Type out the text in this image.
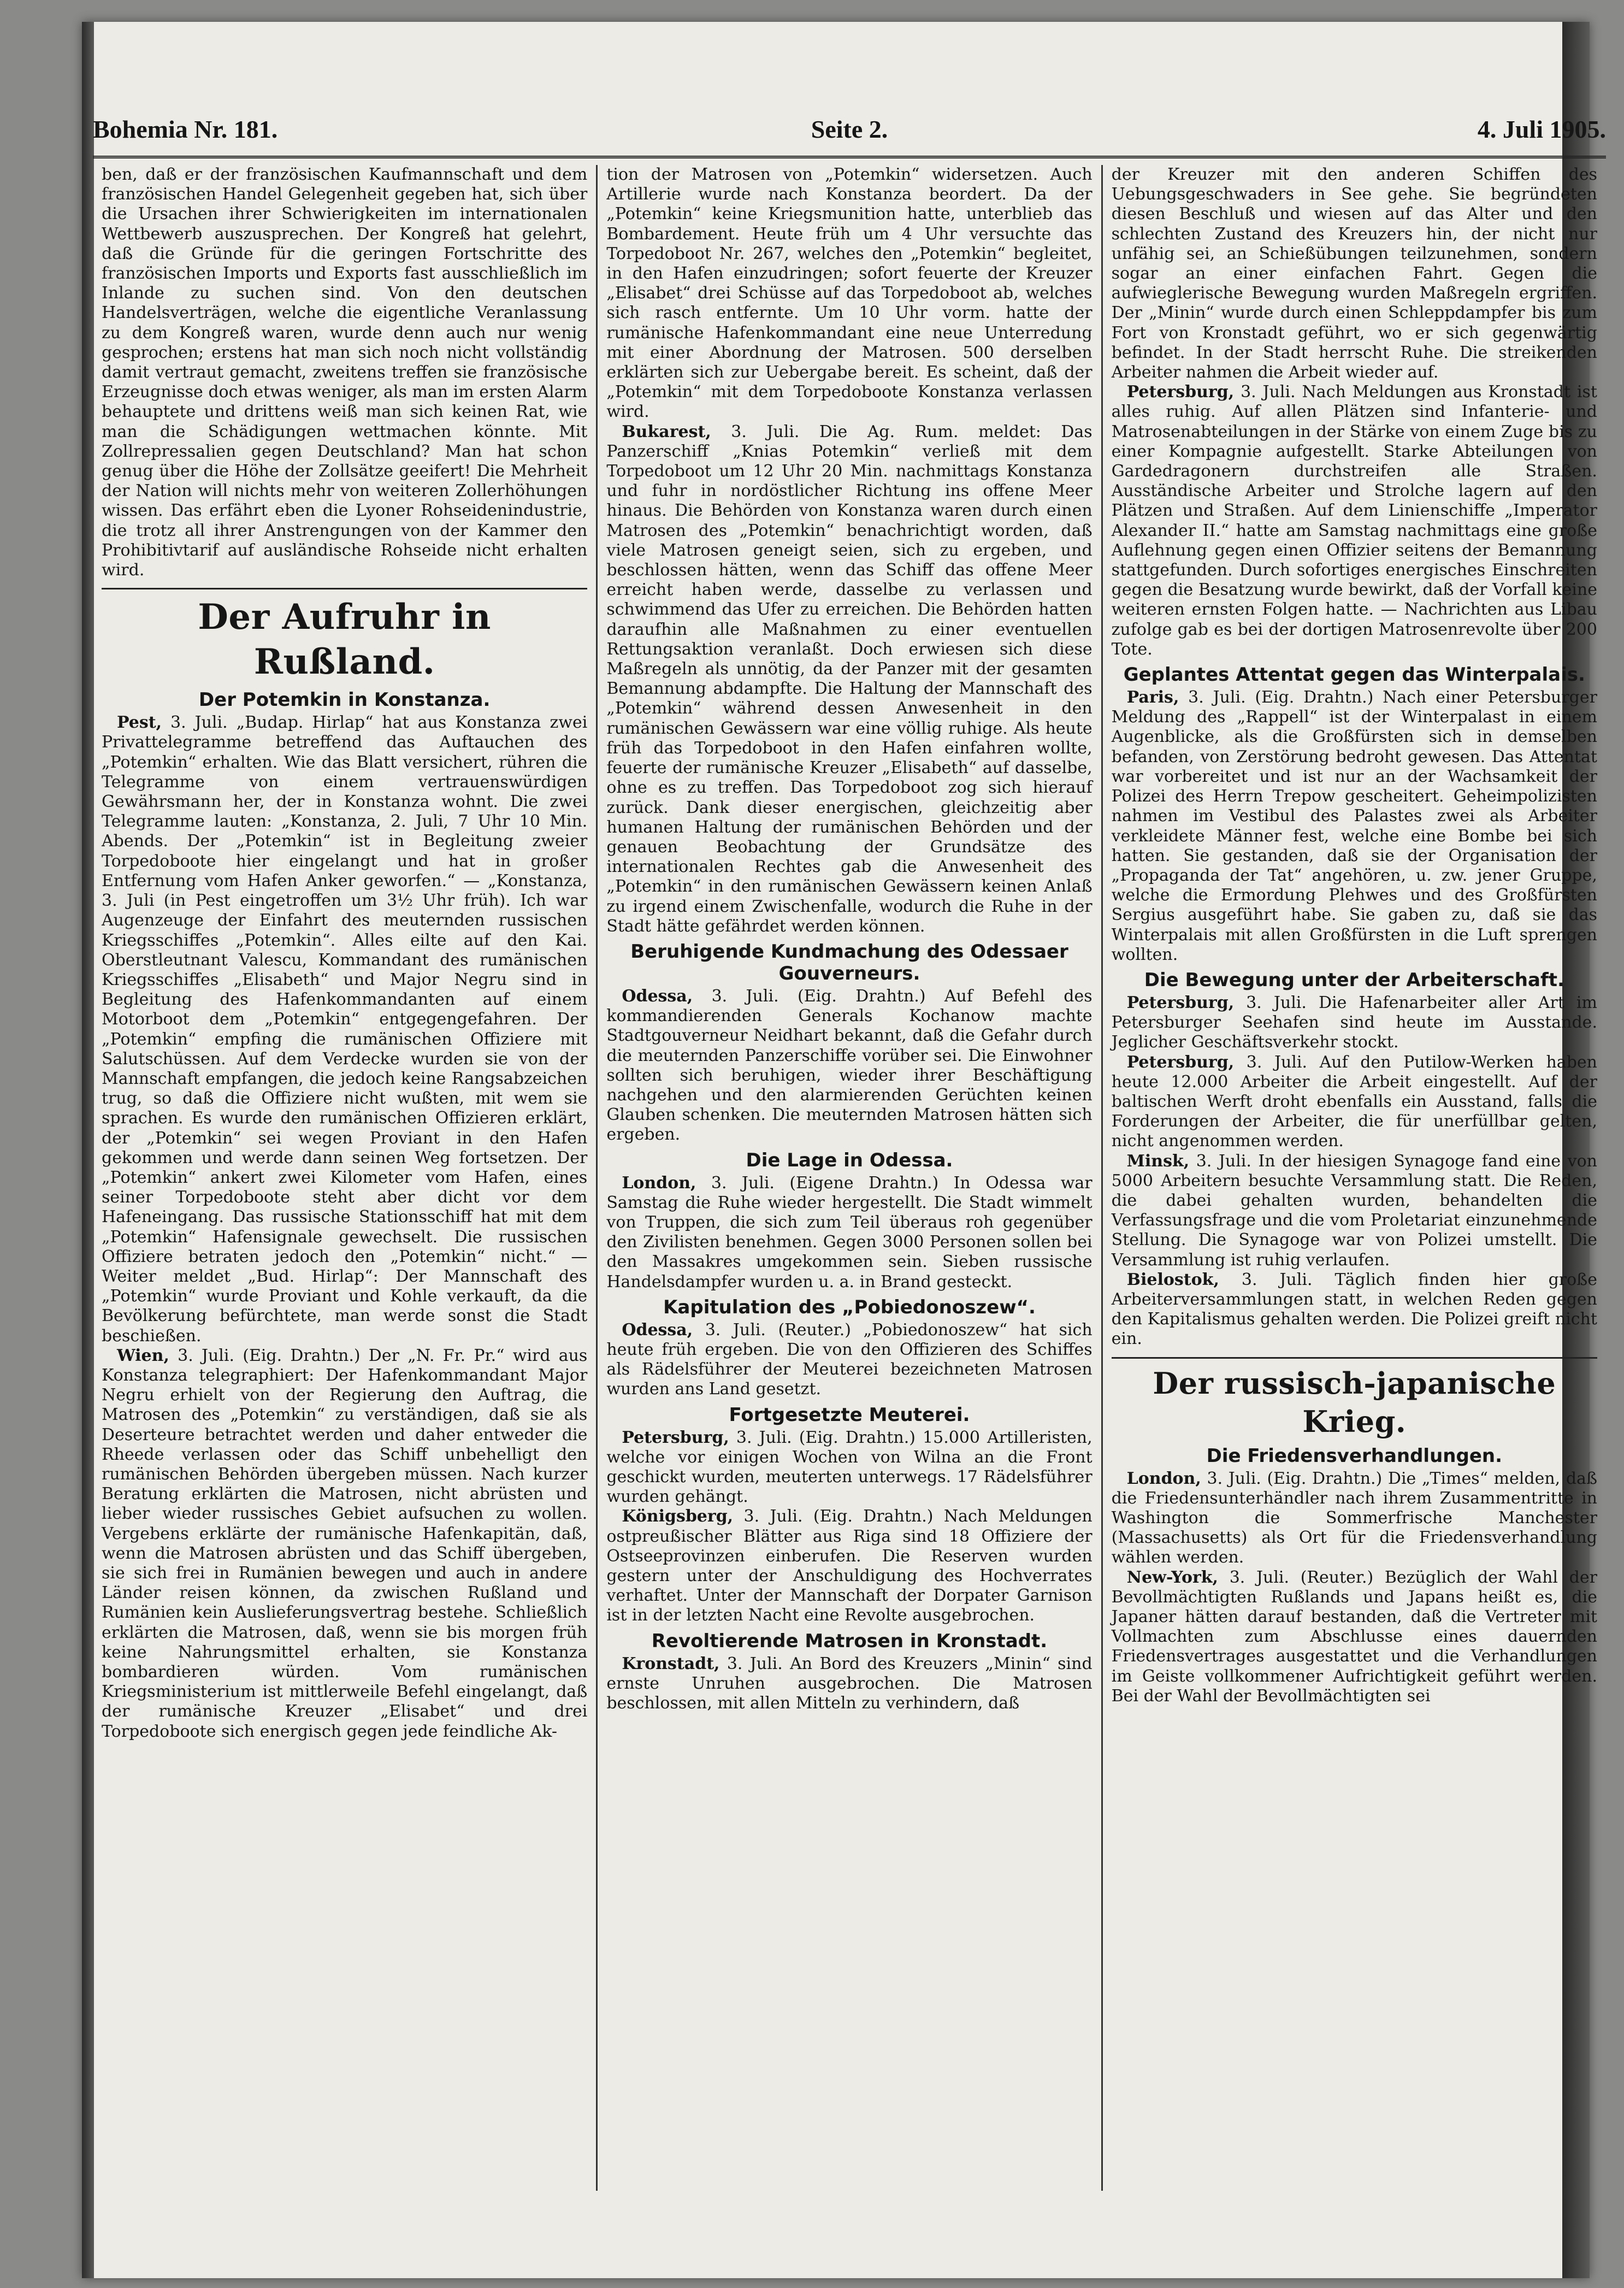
Bohemia Nr. 181.	Seite 2.	4. Juli 1905.

ben, daß er der französischen Kaufmannschaft und dem französischen Handel Gelegenheit gegeben hat, sich über die Ursachen ihrer Schwierigkeiten im internationalen Wettbewerb auszusprechen. Der Kongreß hat gelehrt, daß die Gründe für die geringen Fortschritte des französischen Imports und Exports fast ausschließlich im Inlande zu suchen sind. Von den deutschen Handelsverträgen, welche die eigentliche Veranlassung zu dem Kongreß waren, wurde denn auch nur wenig gesprochen; erstens hat man sich noch nicht vollständig damit vertraut gemacht, zweitens treffen sie französische Erzeugnisse doch etwas weniger, als man im ersten Alarm behauptete und drittens weiß man sich keinen Rat, wie man die Schädigungen wettmachen könnte. Mit Zollrepressalien gegen Deutschland? Man hat schon genug über die Höhe der Zollsätze geeifert! Die Mehrheit der Nation will nichts mehr von weiteren Zollerhöhungen wissen. Das erfährt eben die Lyoner Rohseidenindustrie, die trotz all ihrer Anstrengungen von der Kammer den Prohibitivtarif auf ausländische Rohseide nicht erhalten wird.

Der Aufruhr in Rußland.
Der Potemkin in Konstanza.

Pest, 3. Juli. „Budap. Hirlap“ hat aus Konstanza zwei Privattelegramme betreffend das Auftauchen des „Potemkin“ erhalten. Wie das Blatt versichert, rühren die Telegramme von einem vertrauenswürdigen Gewährsmann her, der in Konstanza wohnt. Die zwei Telegramme lauten: „Konstanza, 2. Juli, 7 Uhr 10 Min. Abends. Der „Potemkin“ ist in Begleitung zweier Torpedoboote hier eingelangt und hat in großer Entfernung vom Hafen Anker geworfen.“ — „Konstanza, 3. Juli (in Pest eingetroffen um 3½ Uhr früh). Ich war Augenzeuge der Einfahrt des meuternden russischen Kriegsschiffes „Potemkin“. Alles eilte auf den Kai. Oberstleutnant Valescu, Kommandant des rumänischen Kriegsschiffes „Elisabeth“ und Major Negru sind in Begleitung des Hafenkommandanten auf einem Motorboot dem „Potemkin“ entgegengefahren. Der „Potemkin“ empfing die rumänischen Offiziere mit Salutschüssen. Auf dem Verdecke wurden sie von der Mannschaft empfangen, die jedoch keine Rangsabzeichen trug, so daß die Offiziere nicht wußten, mit wem sie sprachen. Es wurde den rumänischen Offizieren erklärt, der „Potemkin“ sei wegen Proviant in den Hafen gekommen und werde dann seinen Weg fortsetzen. Der „Potemkin“ ankert zwei Kilometer vom Hafen, eines seiner Torpedoboote steht aber dicht vor dem Hafeneingang. Das russische Stationsschiff hat mit dem „Potemkin“ Hafensignale gewechselt. Die russischen Offiziere betraten jedoch den „Potemkin“ nicht.“ — Weiter meldet „Bud. Hirlap“: Der Mannschaft des „Potemkin“ wurde Proviant und Kohle verkauft, da die Bevölkerung befürchtete, man werde sonst die Stadt beschießen.

Wien, 3. Juli. (Eig. Drahtn.) Der „N. Fr. Pr.“ wird aus Konstanza telegraphiert: Der Hafenkommandant Major Negru erhielt von der Regierung den Auftrag, die Matrosen des „Potemkin“ zu verständigen, daß sie als Deserteure betrachtet werden und daher entweder die Rheede verlassen oder das Schiff unbehelligt den rumänischen Behörden übergeben müssen. Nach kurzer Beratung erklärten die Matrosen, nicht abrüsten und lieber wieder russisches Gebiet aufsuchen zu wollen. Vergebens erklärte der rumänische Hafenkapitän, daß, wenn die Matrosen abrüsten und das Schiff übergeben, sie sich frei in Rumänien bewegen und auch in andere Länder reisen können, da zwischen Rußland und Rumänien kein Auslieferungsvertrag bestehe. Schließlich erklärten die Matrosen, daß, wenn sie bis morgen früh keine Nahrungsmittel erhalten, sie Konstanza bombardieren würden. Vom rumänischen Kriegsministerium ist mittlerweile Befehl eingelangt, daß der rumänische Kreuzer „Elisabet“ und drei Torpedoboote sich energisch gegen jede feindliche Ak-

tion der Matrosen von „Potemkin“ widersetzen. Auch Artillerie wurde nach Konstanza beordert. Da der „Potemkin“ keine Kriegsmunition hatte, unterblieb das Bombardement. Heute früh um 4 Uhr versuchte das Torpedoboot Nr. 267, welches den „Potemkin“ begleitet, in den Hafen einzudringen; sofort feuerte der Kreuzer „Elisabet“ drei Schüsse auf das Torpedoboot ab, welches sich rasch entfernte. Um 10 Uhr vorm. hatte der rumänische Hafenkommandant eine neue Unterredung mit einer Abordnung der Matrosen. 500 derselben erklärten sich zur Uebergabe bereit. Es scheint, daß der „Potemkin“ mit dem Torpedoboote Konstanza verlassen wird.

Bukarest, 3. Juli. Die Ag. Rum. meldet: Das Panzerschiff „Knias Potemkin“ verließ mit dem Torpedoboot um 12 Uhr 20 Min. nachmittags Konstanza und fuhr in nordöstlicher Richtung ins offene Meer hinaus. Die Behörden von Konstanza waren durch einen Matrosen des „Potemkin“ benachrichtigt worden, daß viele Matrosen geneigt seien, sich zu ergeben, und beschlossen hätten, wenn das Schiff das offene Meer erreicht haben werde, dasselbe zu verlassen und schwimmend das Ufer zu erreichen. Die Behörden hatten daraufhin alle Maßnahmen zu einer eventuellen Rettungsaktion veranlaßt. Doch erwiesen sich diese Maßregeln als unnötig, da der Panzer mit der gesamten Bemannung abdampfte. Die Haltung der Mannschaft des „Potemkin“ während dessen Anwesenheit in den rumänischen Gewässern war eine völlig ruhige. Als heute früh das Torpedoboot in den Hafen einfahren wollte, feuerte der rumänische Kreuzer „Elisabeth“ auf dasselbe, ohne es zu treffen. Das Torpedoboot zog sich hierauf zurück. Dank dieser energischen, gleichzeitig aber humanen Haltung der rumänischen Behörden und der genauen Beobachtung der Grundsätze des internationalen Rechtes gab die Anwesenheit des „Potemkin“ in den rumänischen Gewässern keinen Anlaß zu irgend einem Zwischenfalle, wodurch die Ruhe in der Stadt hätte gefährdet werden können.

Beruhigende Kundmachung des Odessaer Gouverneurs.

Odessa, 3. Juli. (Eig. Drahtn.) Auf Befehl des kommandierenden Generals Kochanow machte Stadtgouverneur Neidhart bekannt, daß die Gefahr durch die meuternden Panzerschiffe vorüber sei. Die Einwohner sollten sich beruhigen, wieder ihrer Beschäftigung nachgehen und den alarmierenden Gerüchten keinen Glauben schenken. Die meuternden Matrosen hätten sich ergeben.

Die Lage in Odessa.

London, 3. Juli. (Eigene Drahtn.) In Odessa war Samstag die Ruhe wieder hergestellt. Die Stadt wimmelt von Truppen, die sich zum Teil überaus roh gegenüber den Zivilisten benehmen. Gegen 3000 Personen sollen bei den Massakres umgekommen sein. Sieben russische Handelsdampfer wurden u. a. in Brand gesteckt.

Kapitulation des „Pobiedonoszew“.

Odessa, 3. Juli. (Reuter.) „Pobiedonoszew“ hat sich heute früh ergeben. Die von den Offizieren des Schiffes als Rädelsführer der Meuterei bezeichneten Matrosen wurden ans Land gesetzt.

Fortgesetzte Meuterei.

Petersburg, 3. Juli. (Eig. Drahtn.) 15.000 Artilleristen, welche vor einigen Wochen von Wilna an die Front geschickt wurden, meuterten unterwegs. 17 Rädelsführer wurden gehängt.

Königsberg, 3. Juli. (Eig. Drahtn.) Nach Meldungen ostpreußischer Blätter aus Riga sind 18 Offiziere der Ostseeprovinzen einberufen. Die Reserven wurden gestern unter der Anschuldigung des Hochverrates verhaftet. Unter der Mannschaft der Dorpater Garnison ist in der letzten Nacht eine Revolte ausgebrochen.

Revoltierende Matrosen in Kronstadt.

Kronstadt, 3. Juli. An Bord des Kreuzers „Minin“ sind ernste Unruhen ausgebrochen. Die Matrosen beschlossen, mit allen Mitteln zu verhindern, daß

der Kreuzer mit den anderen Schiffen des Uebungsgeschwaders in See gehe. Sie begründeten diesen Beschluß und wiesen auf das Alter und den schlechten Zustand des Kreuzers hin, der nicht nur unfähig sei, an Schießübungen teilzunehmen, sondern sogar an einer einfachen Fahrt. Gegen die aufwieglerische Bewegung wurden Maßregeln ergriffen. Der „Minin“ wurde durch einen Schleppdampfer bis zum Fort von Kronstadt geführt, wo er sich gegenwärtig befindet. In der Stadt herrscht Ruhe. Die streikenden Arbeiter nahmen die Arbeit wieder auf.

Petersburg, 3. Juli. Nach Meldungen aus Kronstadt ist alles ruhig. Auf allen Plätzen sind Infanterie- und Matrosenabteilungen in der Stärke von einem Zuge bis zu einer Kompagnie aufgestellt. Starke Abteilungen von Gardedragonern durchstreifen alle Straßen. Ausständische Arbeiter und Strolche lagern auf den Plätzen und Straßen. Auf dem Linienschiffe „Imperator Alexander II.“ hatte am Samstag nachmittags eine große Auflehnung gegen einen Offizier seitens der Bemannung stattgefunden. Durch sofortiges energisches Einschreiten gegen die Besatzung wurde bewirkt, daß der Vorfall keine weiteren ernsten Folgen hatte. — Nachrichten aus Libau zufolge gab es bei der dortigen Matrosenrevolte über 200 Tote.

Geplantes Attentat gegen das Winterpalais.

Paris, 3. Juli. (Eig. Drahtn.) Nach einer Petersburger Meldung des „Rappell“ ist der Winterpalast in einem Augenblicke, als die Großfürsten sich in demselben befanden, von Zerstörung bedroht gewesen. Das Attentat war vorbereitet und ist nur an der Wachsamkeit der Polizei des Herrn Trepow gescheitert. Geheimpolizisten nahmen im Vestibul des Palastes zwei als Arbeiter verkleidete Männer fest, welche eine Bombe bei sich hatten. Sie gestanden, daß sie der Organisation der „Propaganda der Tat“ angehören, u. zw. jener Gruppe, welche die Ermordung Plehwes und des Großfürsten Sergius ausgeführt habe. Sie gaben zu, daß sie das Winterpalais mit allen Großfürsten in die Luft sprengen wollten.

Die Bewegung unter der Arbeiterschaft.

Petersburg, 3. Juli. Die Hafenarbeiter aller Art im Petersburger Seehafen sind heute im Ausstande. Jeglicher Geschäftsverkehr stockt.

Petersburg, 3. Juli. Auf den Putilow-Werken haben heute 12.000 Arbeiter die Arbeit eingestellt. Auf der baltischen Werft droht ebenfalls ein Ausstand, falls die Forderungen der Arbeiter, die für unerfüllbar gelten, nicht angenommen werden.

Minsk, 3. Juli. In der hiesigen Synagoge fand eine von 5000 Arbeitern besuchte Versammlung statt. Die Reden, die dabei gehalten wurden, behandelten die Verfassungsfrage und die vom Proletariat einzunehmende Stellung. Die Synagoge war von Polizei umstellt. Die Versammlung ist ruhig verlaufen.

Bielostok, 3. Juli. Täglich finden hier große Arbeiterversammlungen statt, in welchen Reden gegen den Kapitalismus gehalten werden. Die Polizei greift nicht ein.

Der russisch-japanische Krieg.
Die Friedensverhandlungen.

London, 3. Juli. (Eig. Drahtn.) Die „Times“ melden, daß die Friedensunterhändler nach ihrem Zusammentritte in Washington die Sommerfrische Manchester (Massachusetts) als Ort für die Friedensverhandlung wählen werden.

New-York, 3. Juli. (Reuter.) Bezüglich der Wahl der Bevollmächtigten Rußlands und Japans heißt es, die Japaner hätten darauf bestanden, daß die Vertreter mit Vollmachten zum Abschlusse eines dauernden Friedensvertrages ausgestattet und die Verhandlungen im Geiste vollkommener Aufrichtigkeit geführt werden. Bei der Wahl der Bevollmächtigten sei
